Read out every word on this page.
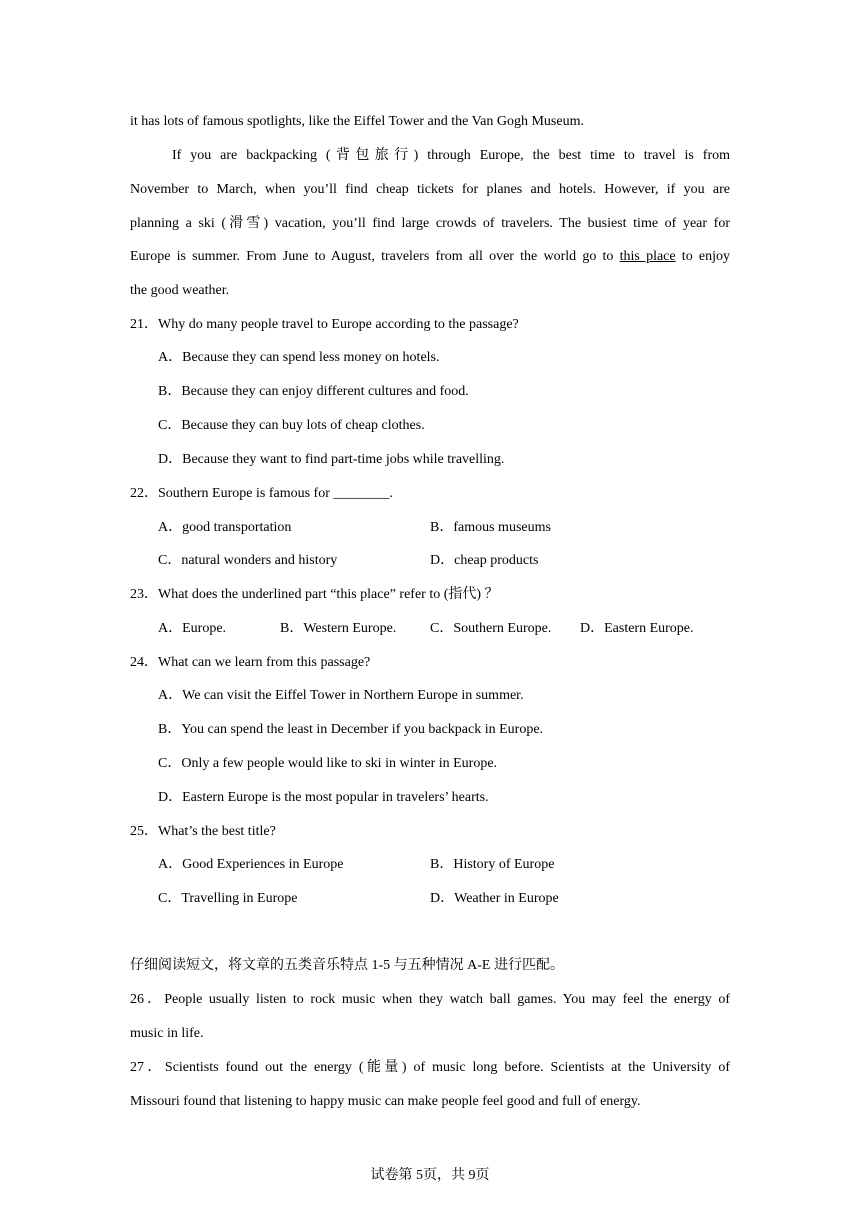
it has lots of famous spotlights, like the Eiffel Tower and the Van Gogh Museum.
If you are backpacking (背包旅行) through Europe, the best time to travel is from
November to March, when you’ll find cheap tickets for planes and hotels. However, if you are
planning a ski (滑雪) vacation, you’ll find large crowds of travelers. The busiest time of year for
Europe is summer. From June to August, travelers from all over the world go to this place to enjoy
the good weather.
21．Why do many people travel to Europe according to the passage?
A．Because they can spend less money on hotels.
B．Because they can enjoy different cultures and food.
C．Because they can buy lots of cheap clothes.
D．Because they want to find part-time jobs while travelling.
22．Southern Europe is famous for ________.
A．good transportation	B．famous museums
C．natural wonders and history	D．cheap products
23．What does the underlined part “this place” refer to (指代) ？
A．Europe.	B．Western Europe. C．Southern Europe. D．Eastern Europe.
24．What can we learn from this passage?
A．We can visit the Eiffel Tower in Northern Europe in summer.
B．You can spend the least in December if you backpack in Europe.
C．Only a few people would like to ski in winter in Europe.
D．Eastern Europe is the most popular in travelers’ hearts.
25．What’s the best title?
A．Good Experiences in Europe	B．History of Europe
C．Travelling in Europe	D．Weather in Europe
仔细阅读短文，将文章的五类音乐特点 1-5 与五种情况 A-E 进行匹配。
26．People usually listen to rock music when they watch ball games. You may feel the energy of
music in life.
27．Scientists found out the energy (能量) of music long before. Scientists at the University of
Missouri found that listening to happy music can make people feel good and full of energy.
试卷第 5页，共 9页
